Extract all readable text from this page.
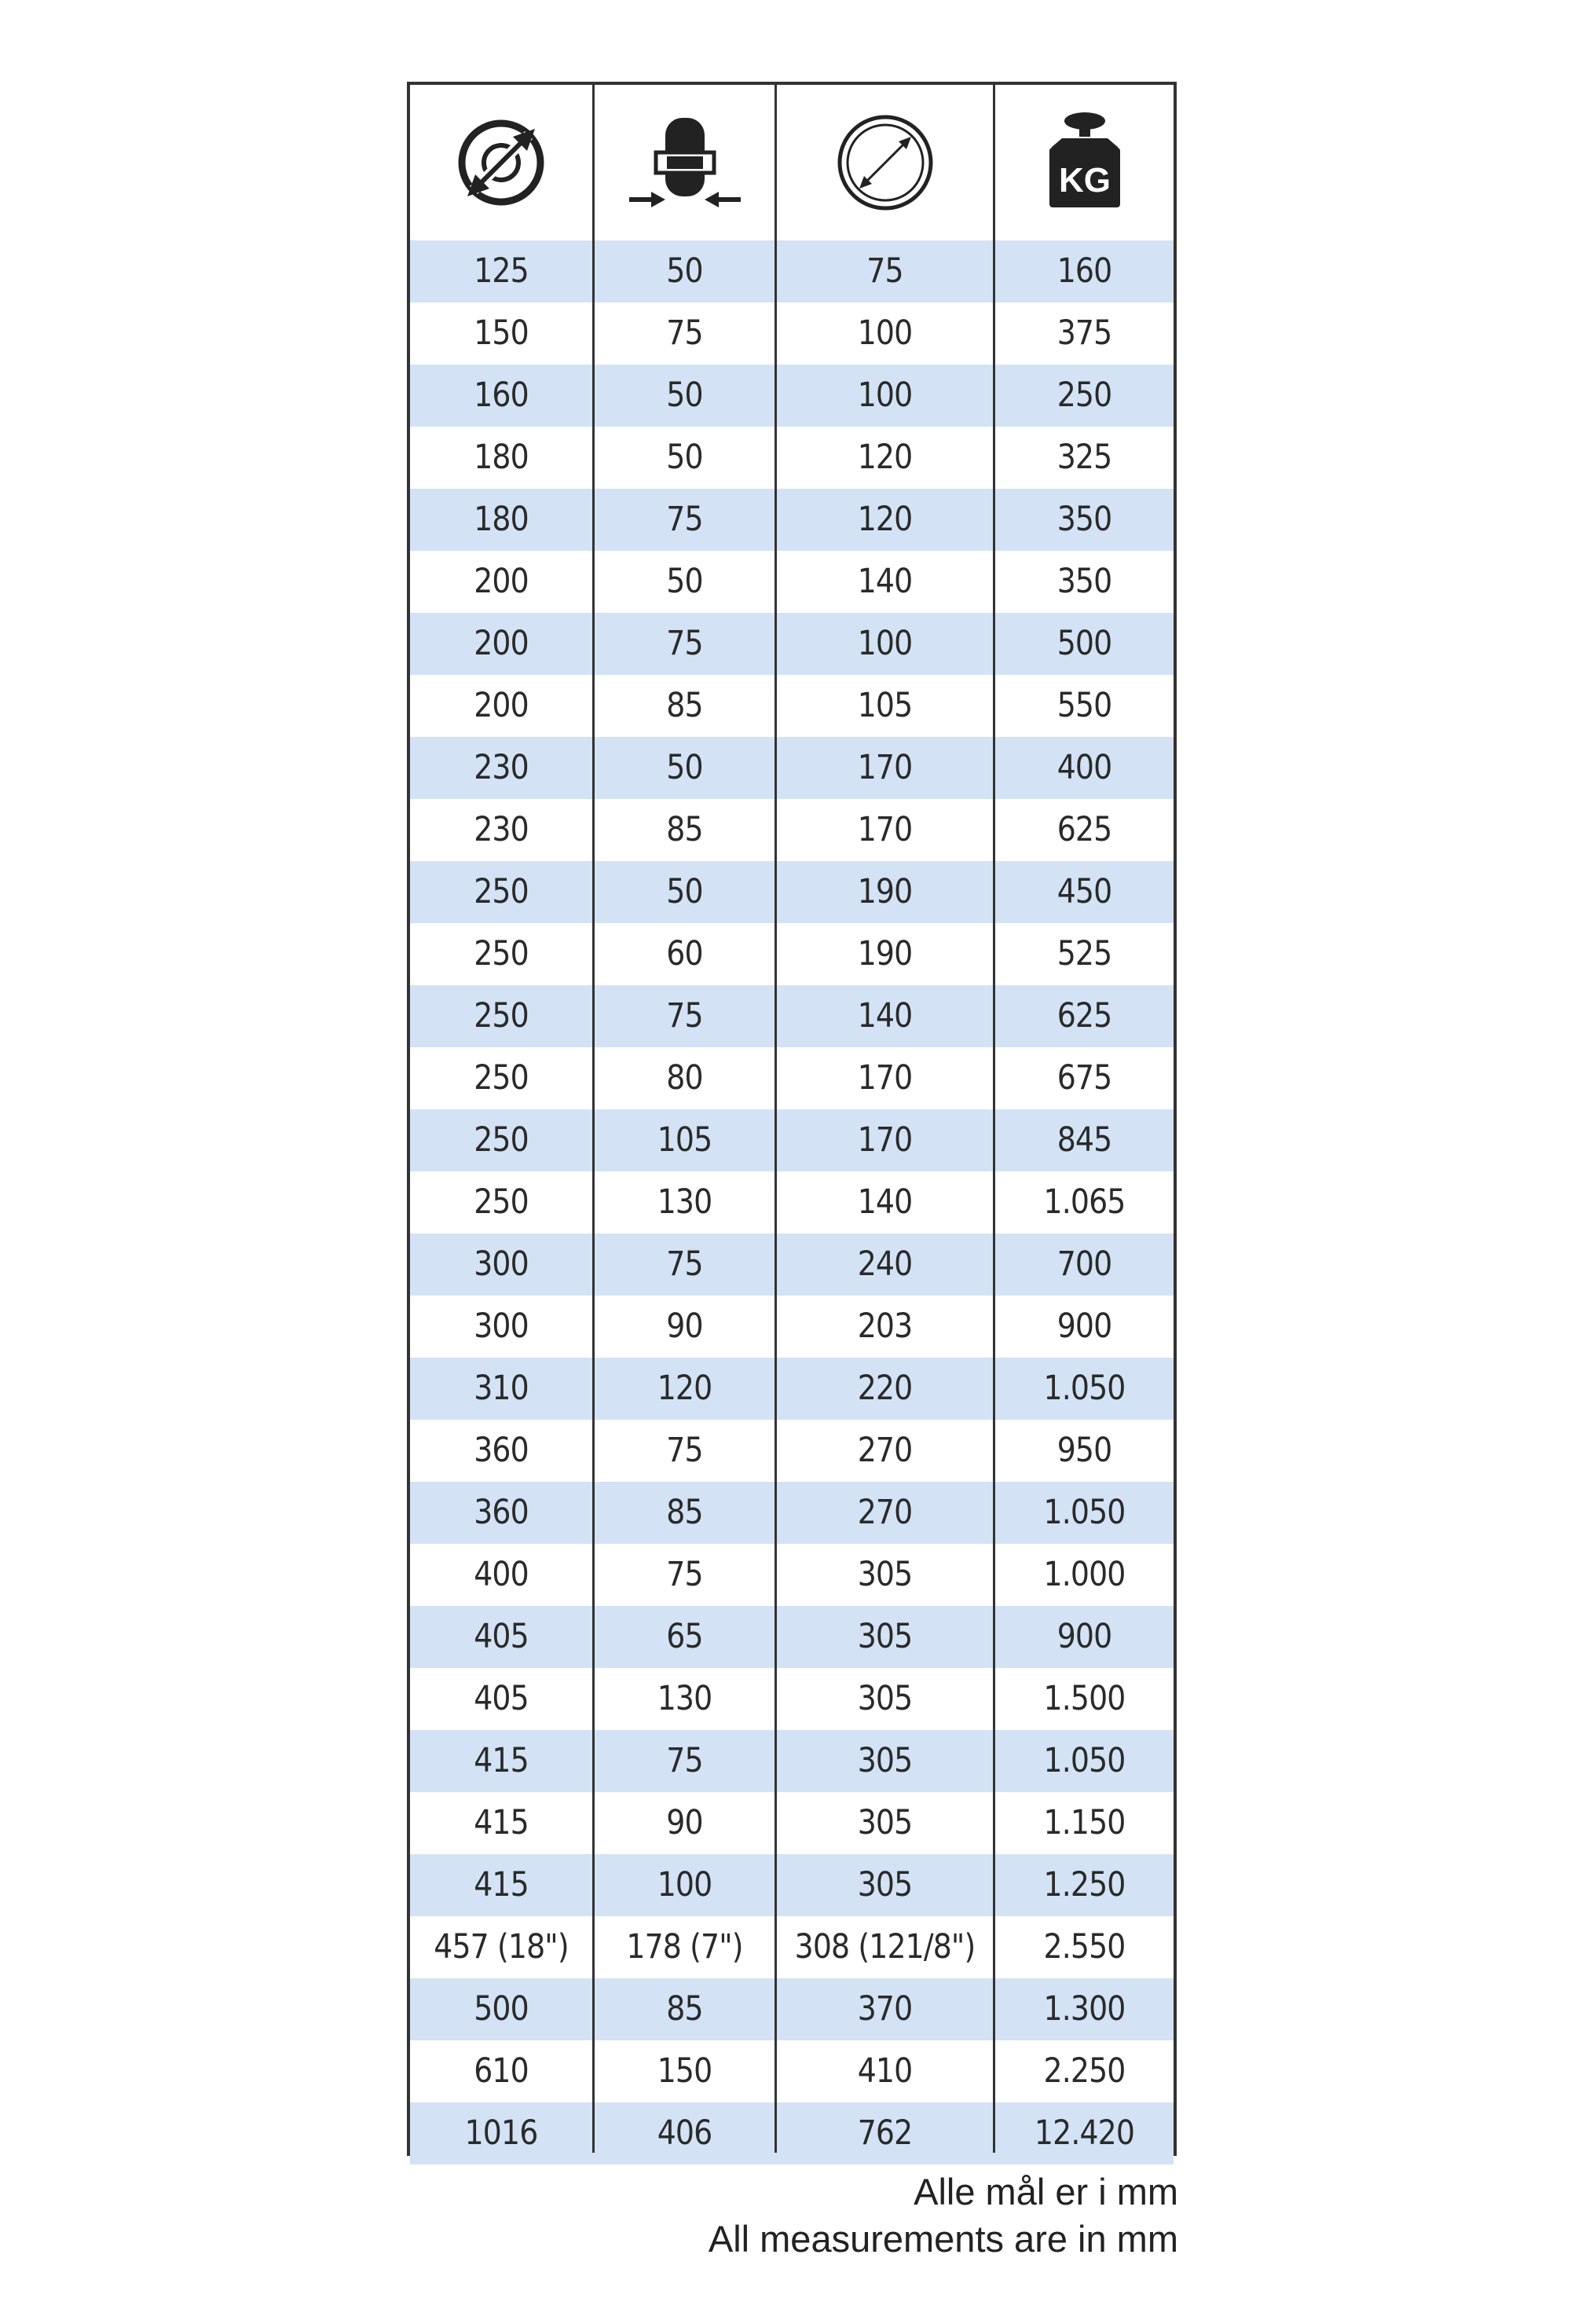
KG
125	50	75	160
150	75	100	375
160	50	100	250
180	50	120	325
180	75	120	350
200	50	140	350
200	75	100	500
200	85	105	550
230	50	170	400
230	85	170	625
250	50	190	450
250	60	190	525
250	75	140	625
250	80	170	675
250	105	170	845
250	130	140	1.065
300	75	240	700
300	90	203	900
310	120	220	1.050
360	75	270	950
360	85	270	1.050
400	75	305	1.000
405	65	305	900
405	130	305	1.500
415	75	305	1.050
415	90	305	1.150
415	100	305	1.250
457 (18")	178 (7")	308 (121/8")	2.550
500	85	370	1.300
610	150	410	2.250
1016	406	762	12.420
Alle mål er i mm
All measurements are in mm
